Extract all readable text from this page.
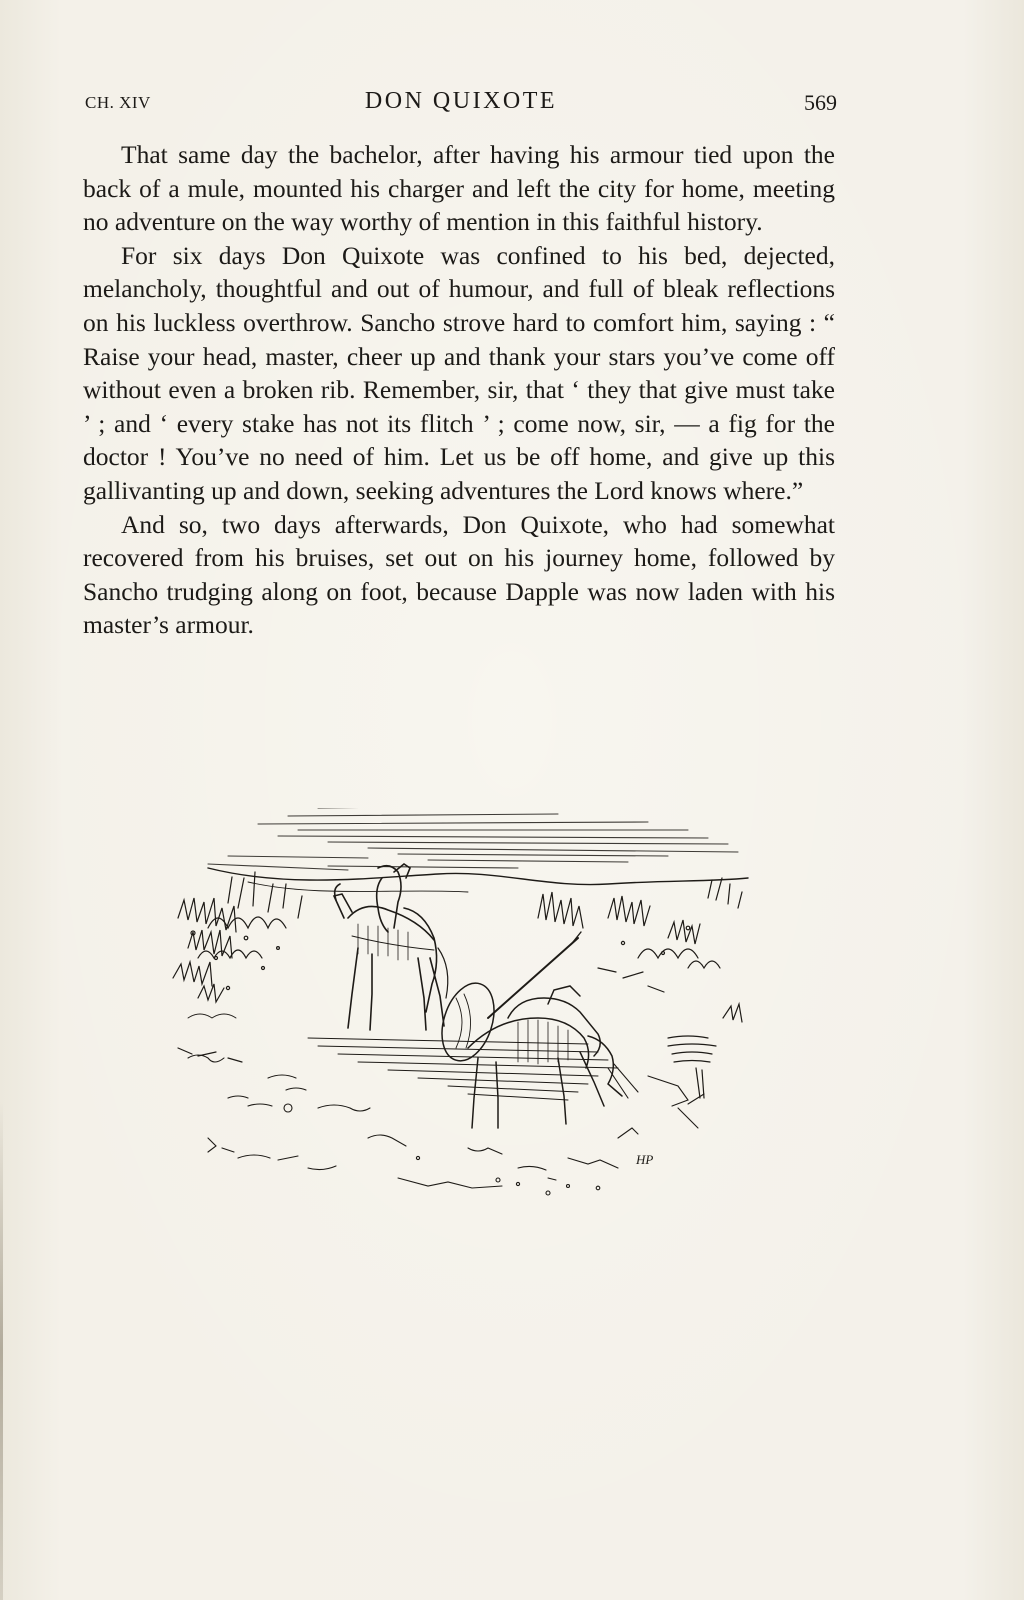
CH. XIV	DON QUIXOTE	569

That same day the bachelor, after having his armour tied upon the back of a mule, mounted his charger and left the city for home, meeting no adventure on the way worthy of mention in this faithful history.

For six days Don Quixote was confined to his bed, dejected, melancholy, thoughtful and out of humour, and full of bleak reflections on his luckless overthrow. Sancho strove hard to comfort him, saying : “ Raise your head, master, cheer up and thank your stars you’ve come off without even a broken rib. Remember, sir, that ‘ they that give must take ’ ; and ‘ every stake has not its flitch ’ ; come now, sir, — a fig for the doctor ! You’ve no need of him. Let us be off home, and give up this gallivanting up and down, seeking adventures the Lord knows where.”

And so, two days afterwards, Don Quixote, who had somewhat recovered from his bruises, set out on his journey home, followed by Sancho trudging along on foot, because Dapple was now laden with his master’s armour.

HP
